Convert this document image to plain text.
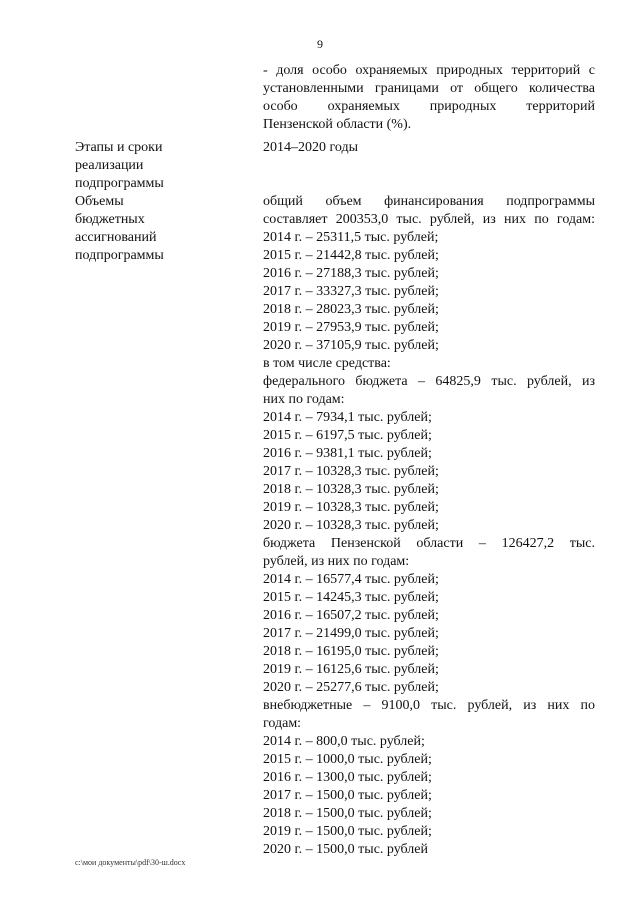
9
- доля особо охраняемых природных территорий с
установленными границами от общего количества
особо охраняемых природных территорий
Пензенской области (%).
Этапы и сроки
реализации
подпрограммы
2014–2020 годы
Объемы
бюджетных
ассигнований
подпрограммы
общий объем финансирования подпрограммы
составляет 200353,0 тыс. рублей, из них по годам:
2014 г. – 25311,5 тыс. рублей;
2015 г. – 21442,8 тыс. рублей;
2016 г. – 27188,3 тыс. рублей;
2017 г. – 33327,3 тыс. рублей;
2018 г. – 28023,3 тыс. рублей;
2019 г. – 27953,9 тыс. рублей;
2020 г. – 37105,9 тыс. рублей;
в том числе средства:
федерального бюджета – 64825,9 тыс. рублей, из
них по годам:
2014 г. – 7934,1 тыс. рублей;
2015 г. – 6197,5 тыс. рублей;
2016 г. – 9381,1 тыс. рублей;
2017 г. – 10328,3 тыс. рублей;
2018 г. – 10328,3 тыс. рублей;
2019 г. – 10328,3 тыс. рублей;
2020 г. – 10328,3 тыс. рублей;
бюджета Пензенской области – 126427,2 тыс.
рублей, из них по годам:
2014 г. – 16577,4 тыс. рублей;
2015 г. – 14245,3 тыс. рублей;
2016 г. – 16507,2 тыс. рублей;
2017 г. – 21499,0 тыс. рублей;
2018 г. – 16195,0 тыс. рублей;
2019 г. – 16125,6 тыс. рублей;
2020 г. – 25277,6 тыс. рублей;
внебюджетные – 9100,0 тыс. рублей, из них по
годам:
2014 г. – 800,0 тыс. рублей;
2015 г. – 1000,0 тыс. рублей;
2016 г. – 1300,0 тыс. рублей;
2017 г. – 1500,0 тыс. рублей;
2018 г. – 1500,0 тыс. рублей;
2019 г. – 1500,0 тыс. рублей;
2020 г. – 1500,0 тыс. рублей
c:\мои документы\pdf\30-ш.docx
